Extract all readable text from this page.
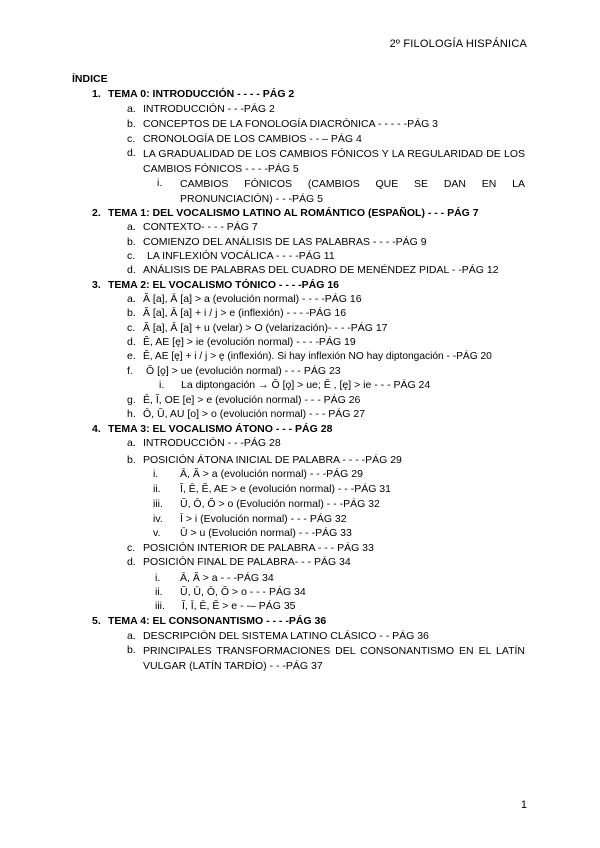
2º FILOLOGÍA HISPÁNICA
ÍNDICE
1. TEMA 0: INTRODUCCIÓN - - - - PÁG 2
a. INTRODUCCIÓN - - -PÁG 2
b. CONCEPTOS DE LA FONOLOGÍA DIACRÓNICA - - - - -PÁG 3
c. CRONOLOGÍA DE LOS CAMBIOS - - – PÁG 4
d. LA GRADUALIDAD DE LOS CAMBIOS FÓNICOS Y LA REGULARIDAD DE LOS CAMBIOS FÓNICOS - - - -PÁG 5
i. CAMBIOS FÓNICOS (CAMBIOS QUE SE DAN EN LA PRONUNCIACIÓN) - - -PÁG 5
2. TEMA 1: DEL VOCALISMO LATINO AL ROMÁNTICO (ESPAÑOL) - - - PÁG 7
a. CONTEXTO- - - - PÁG 7
b. COMIENZO DEL ANÁLISIS DE LAS PALABRAS - - - -PÁG 9
c. LA INFLEXIÓN VOCÁLICA - - - -PÁG 11
d. ANÁLISIS DE PALABRAS DEL CUADRO DE MENÉNDEZ PIDAL - -PÁG 12
3. TEMA 2: EL VOCALISMO TÓNICO - - - -PÁG 16
a. Ă [a], Ā [a] > a (evolución normal) - - - -PÁG 16
b. Ă [a], Ā [a] + i / j > e (inflexión) - - - -PÁG 16
c. Ă [a], Ā [a] + u (velar) > O (velarización)- - - -PÁG 17
d. Ĕ, AE [ę] > ie (evolución normal) - - - -PÁG 19
e. Ĕ, AE [ę] + i / j > ę (inflexión). Si hay inflexión NO hay diptongación - -PÁG 20
f. Ŏ [ǫ] > ue (evolución normal) - - - PÁG 23
i. La diptongación → Ŏ [ǫ] > ue; Ĕ , [ę] > ie - - - PÁG 24
g. Ē, Ĭ, OE [e] > e (evolución normal) - - - PÁG 26
h. Ō, Ŭ, AU [o] > o (evolución normal) - - - PÁG 27
4. TEMA 3: EL VOCALISMO ÁTONO - - - PÁG 28
a. INTRODUCCIÓN - - -PÁG 28
b. POSICIÓN ÁTONA INICIAL DE PALABRA - - - -PÁG 29
i. Ā, Ă > a (evolución normal) - - -PÁG 29
ii. Ĭ, Ē, Ĕ, AE > e (evolución normal) - - -PÁG 31
iii. Ŭ, Ō, Ŏ > o (Evolución normal) - - -PÁG 32
iv. Ī > i (Evolución normal) - - - PÁG 32
v. Ū > u (Evolución normal) - - -PÁG 33
c. POSICIÓN INTERIOR DE PALABRA - - - PÁG 33
d. POSICIÓN FINAL DE PALABRA- - - PÁG 34
i. Ā, Ă > a - - -PÁG 34
ii. Ŭ, Ū, Ō, Ŏ > o - - - PÁG 34
iii. Ĭ, Ī, Ē, Ĕ > e - -– PÁG 35
5. TEMA 4: EL CONSONANTISMO - - - -PÁG 36
a. DESCRIPCIÓN DEL SISTEMA LATINO CLÁSICO - - PÁG 36
b. PRINCIPALES TRANSFORMACIONES DEL CONSONANTISMO EN EL LATÍN VULGAR (LATÍN TARDÍO) - - -PÁG 37
1
